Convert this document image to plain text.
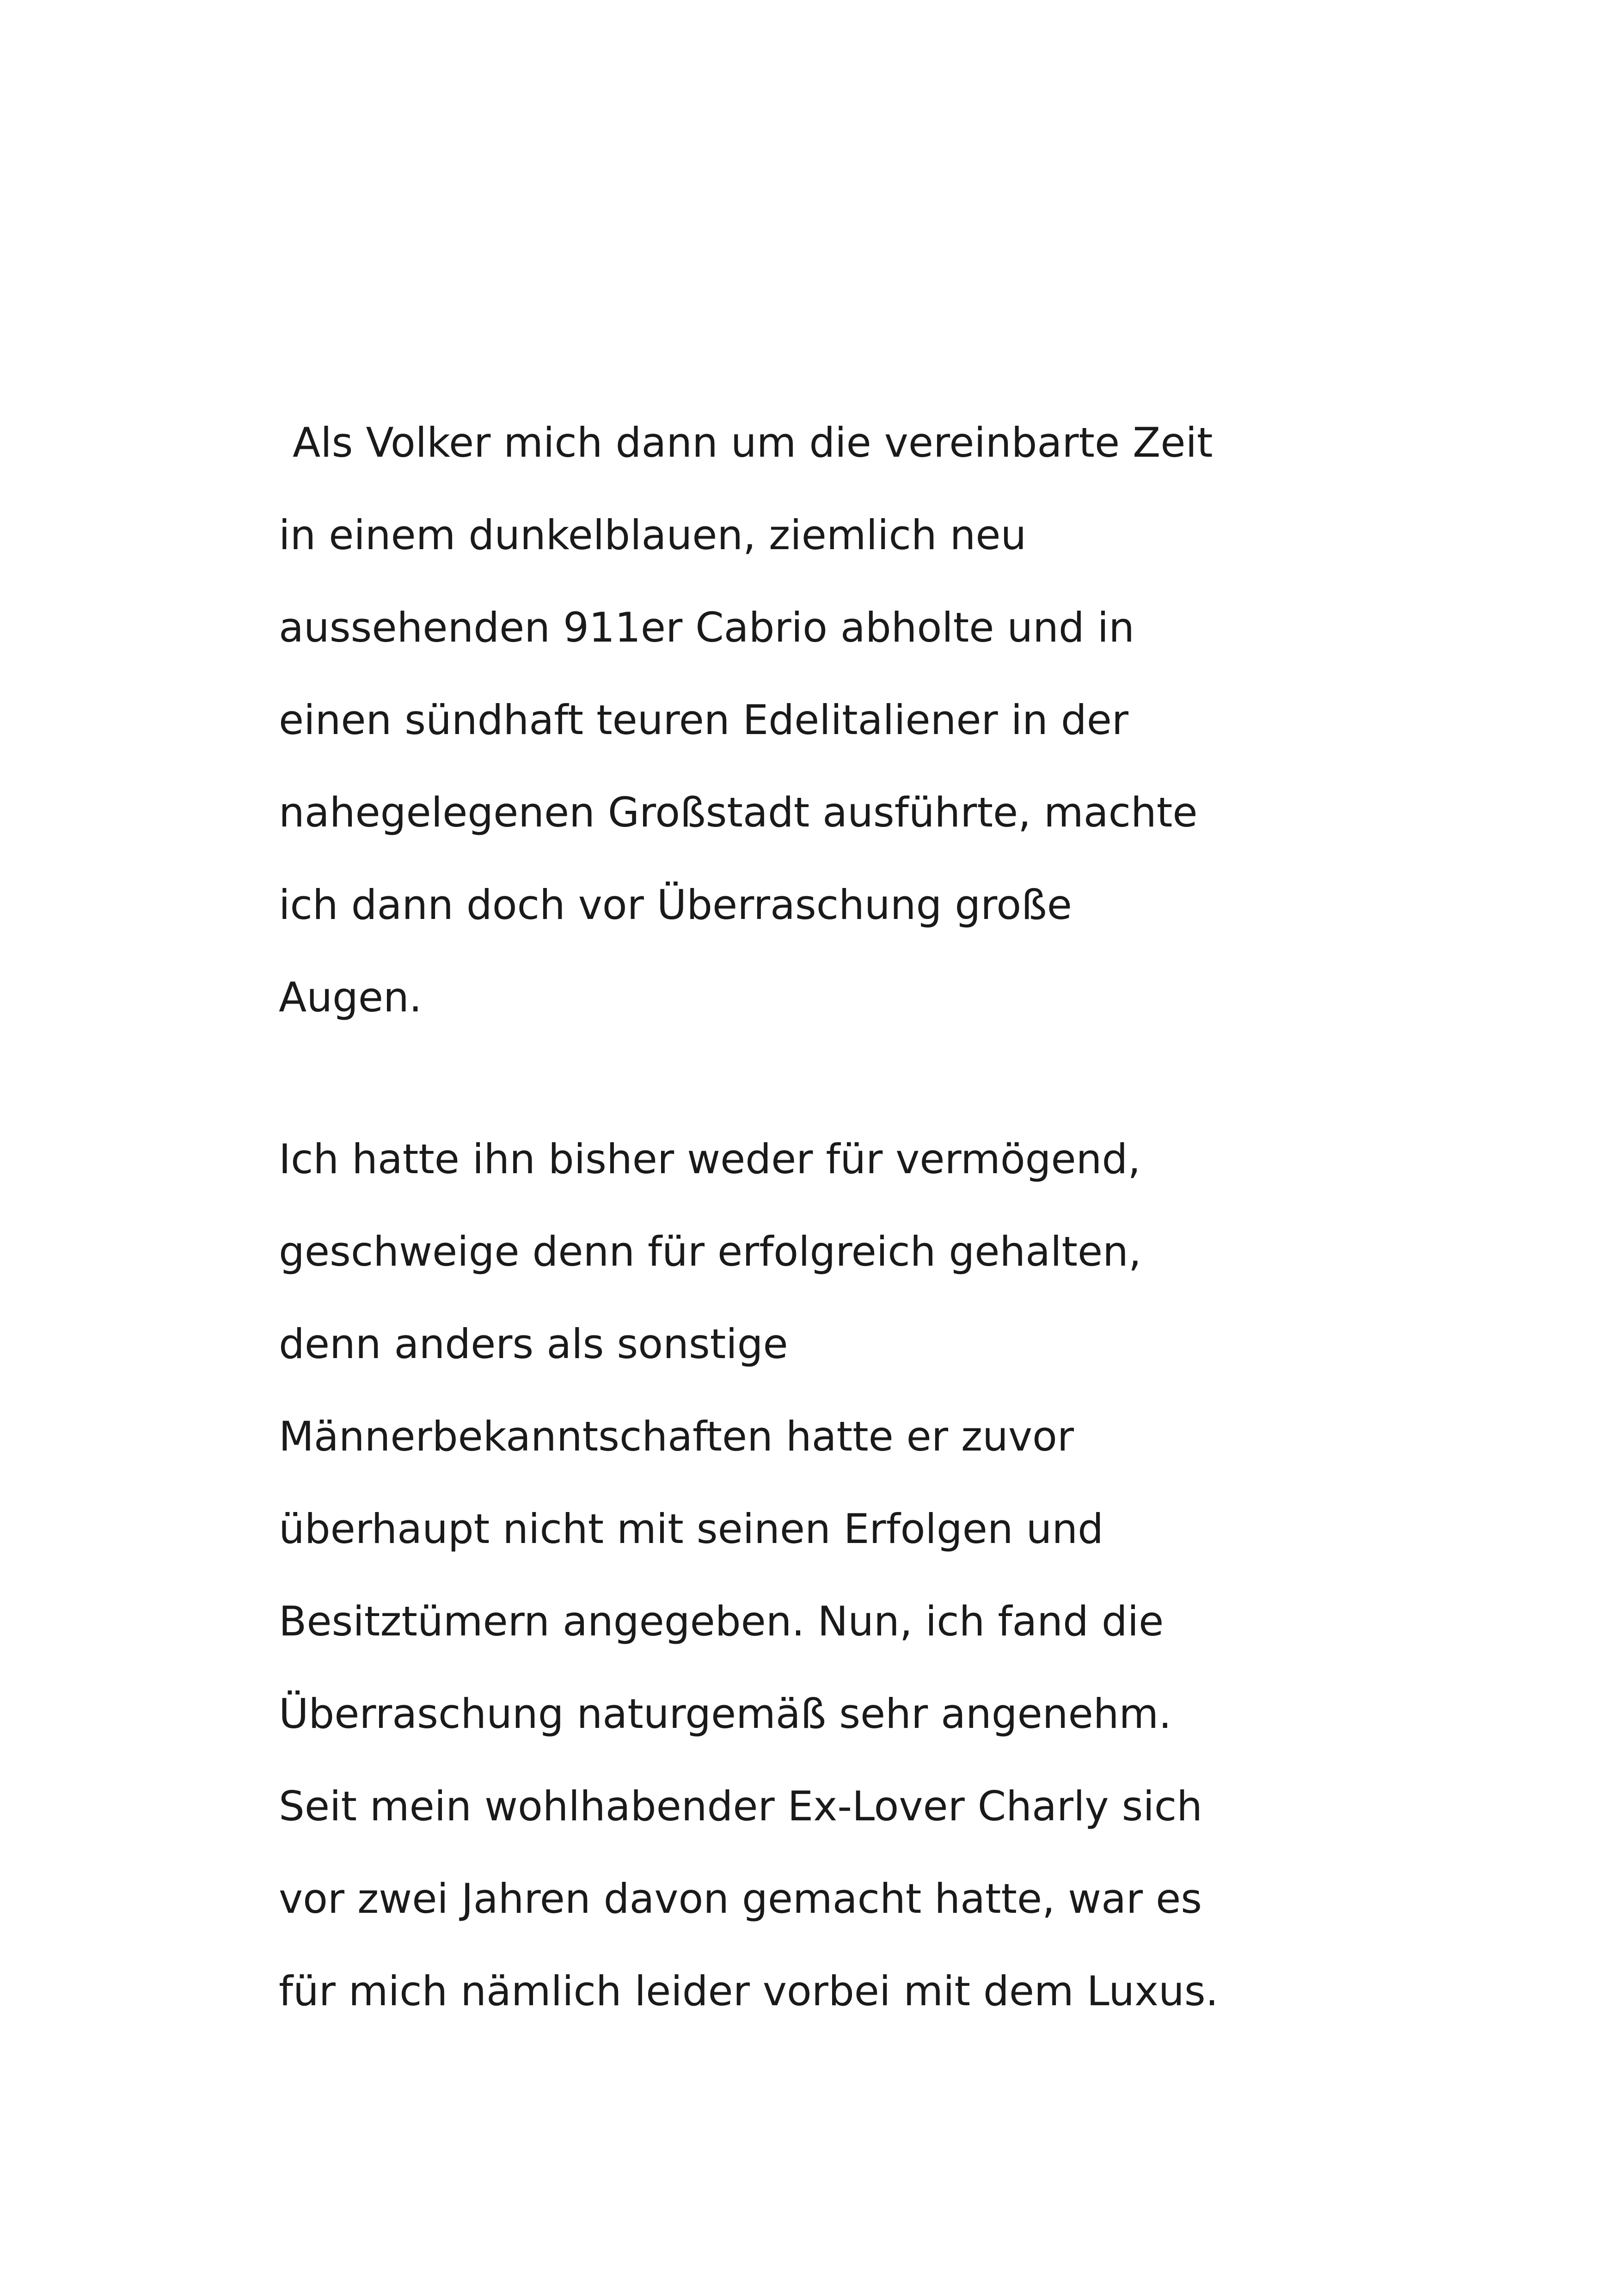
Als Volker mich dann um die vereinbarte Zeit
in einem dunkelblauen, ziemlich neu
aussehenden 911er Cabrio abholte und in
einen sündhaft teuren Edelitaliener in der
nahegelegenen Großstadt ausführte, machte
ich dann doch vor Überraschung große
Augen.
Ich hatte ihn bisher weder für vermögend,
geschweige denn für erfolgreich gehalten,
denn anders als sonstige
Männerbekanntschaften hatte er zuvor
überhaupt nicht mit seinen Erfolgen und
Besitztümern angegeben. Nun, ich fand die
Überraschung naturgemäß sehr angenehm.
Seit mein wohlhabender Ex-Lover Charly sich
vor zwei Jahren davon gemacht hatte, war es
für mich nämlich leider vorbei mit dem Luxus.
